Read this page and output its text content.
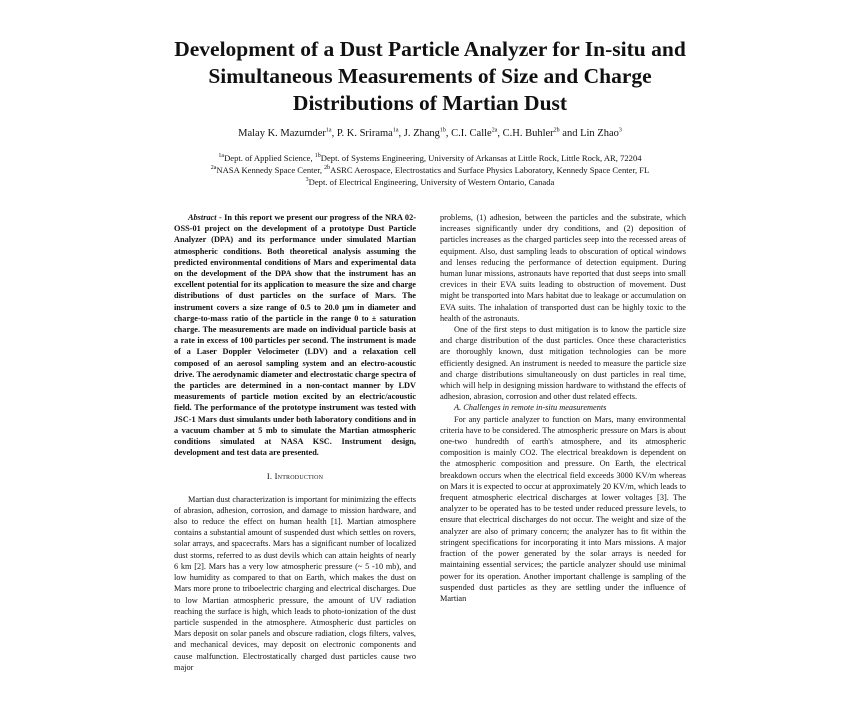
Development of a Dust Particle Analyzer for In-situ and Simultaneous Measurements of Size and Charge Distributions of Martian Dust
Malay K. Mazumder$^{1a}$, P. K. Srirama$^{1a}$, J. Zhang$^{1b}$, C.I. Calle$^{2a}$, C.H. Buhler$^{2b}$ and Lin Zhao$^3$
$^{1a}$Dept. of Applied Science, $^{1b}$Dept. of Systems Engineering, University of Arkansas at Little Rock, Little Rock, AR, 72204
$^{2a}$NASA Kennedy Space Center, $^{2b}$ASRC Aerospace, Electrostatics and Surface Physics Laboratory, Kennedy Space Center, FL
$^3$Dept. of Electrical Engineering, University of Western Ontario, Canada

Abstract - In this report we present our progress of the NRA 02-OSS-01 project on the development of a prototype Dust Particle Analyzer (DPA) and its performance under simulated Martian atmospheric conditions. Both theoretical analysis assuming the predicted environmental conditions of Mars and experimental data on the development of the DPA show that the instrument has an excellent potential for its application to measure the size and charge distributions of dust particles on the surface of Mars. The instrument covers a size range of 0.5 to 20.0 μm in diameter and charge-to-mass ratio of the particle in the range 0 to ± saturation charge. The measurements are made on individual particle basis at a rate in excess of 100 particles per second. The instrument is made of a Laser Doppler Velocimeter (LDV) and a relaxation cell composed of an aerosol sampling system and an electro-acoustic drive. The aerodynamic diameter and electrostatic charge spectra of the particles are determined in a non-contact manner by LDV measurements of particle motion excited by an electric/acoustic field. The performance of the prototype instrument was tested with JSC-1 Mars dust simulants under both laboratory conditions and in a vacuum chamber at 5 mb to simulate the Martian atmospheric conditions simulated at NASA KSC. Instrument design, development and test data are presented.

I. Introduction

Martian dust characterization is important for minimizing the effects of abrasion, adhesion, corrosion, and damage to mission hardware, and also to reduce the effect on human health [1]. Martian atmosphere contains a substantial amount of suspended dust which settles on rovers, solar arrays, and spacecrafts. Mars has a significant number of localized dust storms, referred to as dust devils which can attain heights of nearly 6 km [2]. Mars has a very low atmospheric pressure (~ 5 -10 mb), and low humidity as compared to that on Earth, which makes the dust on Mars more prone to triboelectric charging and electrical discharges. Due to low Martian atmospheric pressure, the amount of UV radiation reaching the surface is high, which leads to photo-ionization of the dust particle suspended in the atmosphere. Atmospheric dust particles on Mars deposit on solar panels and obscure radiation, clogs filters, valves, and mechanical devices, may deposit on electronic components and cause malfunction. Electrostatically charged dust particles cause two major

problems, (1) adhesion, between the particles and the substrate, which increases significantly under dry conditions, and (2) deposition of particles increases as the charged particles seep into the recessed areas of equipment. Also, dust sampling leads to obscuration of optical windows and lenses reducing the performance of detection equipment. During human lunar missions, astronauts have reported that dust seeps into small crevices in their EVA suits leading to obstruction of movement. Dust might be transported into Mars habitat due to leakage or accumulation on EVA suits. The inhalation of transported dust can be highly toxic to the health of the astronauts.

One of the first steps to dust mitigation is to know the particle size and charge distribution of the dust particles. Once these characteristics are thoroughly known, dust mitigation technologies can be more efficiently designed. An instrument is needed to measure the particle size and charge distributions simultaneously on dust particles in real time, which will help in designing mission hardware to withstand the effects of adhesion, abrasion, corrosion and other dust related effects.

A. Challenges in remote in-situ measurements

For any particle analyzer to function on Mars, many environmental criteria have to be considered. The atmospheric pressure on Mars is about one-two hundredth of earth's atmosphere, and its atmospheric composition is mainly CO2. The electrical breakdown is dependent on the atmospheric composition and pressure. On Earth, the electrical breakdown occurs when the electrical field exceeds 3000 KV/m whereas on Mars it is expected to occur at approximately 20 KV/m, which leads to frequent atmospheric electrical discharges at lower voltages [3]. The analyzer to be operated has to be tested under reduced pressure levels, to ensure that electrical discharges do not occur. The weight and size of the analyzer are also of primary concern; the analyzer has to fit within the stringent specifications for incorporating it into Mars missions. A major fraction of the power generated by the solar arrays is needed for maintaining essential services; the particle analyzer should use minimal power for its operation. Another important challenge is sampling of the suspended dust particles as they are settling under the influence of Martian
